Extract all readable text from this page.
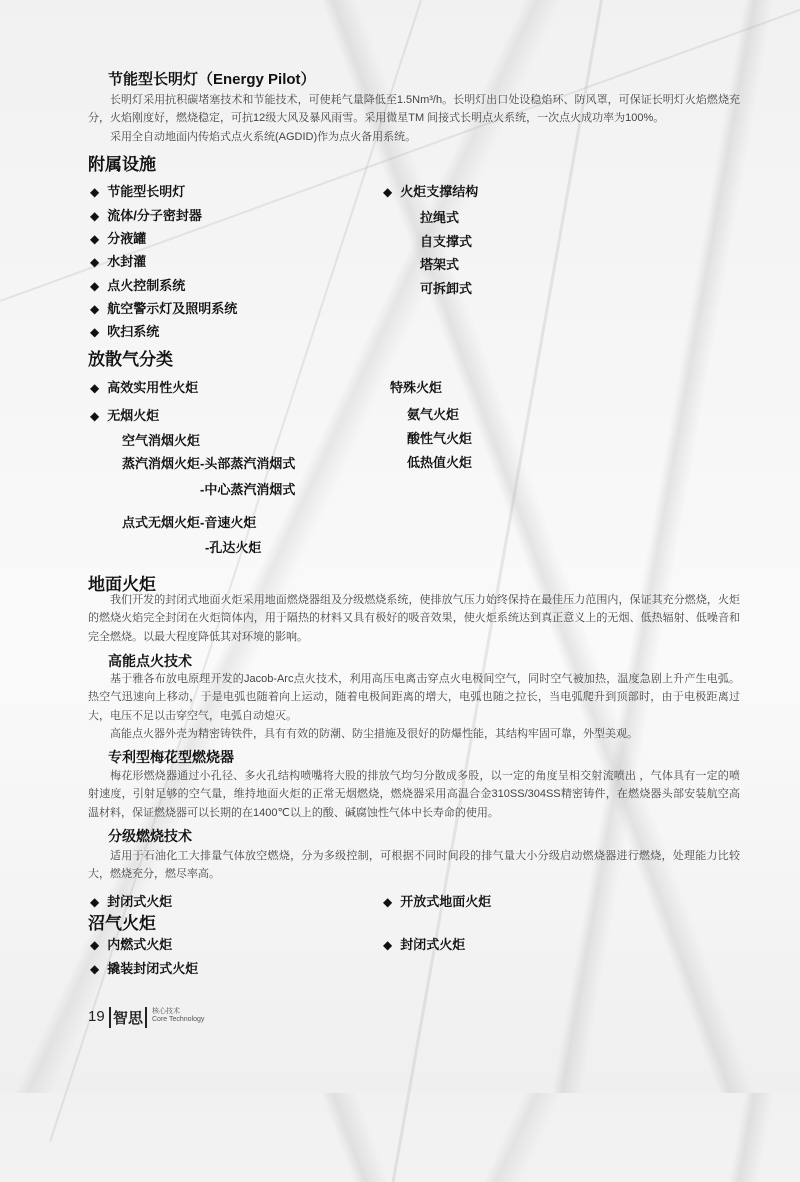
节能型长明灯（Energy Pilot）
长明灯采用抗积碳堵塞技术和节能技术，可使耗气量降低至1.5Nm³/h。长明灯出口处设稳焰环、防风罩，可保证长明灯火焰燃烧充分，火焰刚度好，燃烧稳定，可抗12级大风及暴风雨雪。采用微星TM 间接式长明点火系统，一次点火成功率为100%。
采用全自动地面内传焰式点火系统(AGDID)作为点火备用系统。
附属设施
◆ 节能型长明灯
◆ 流体/分子密封器
◆ 分液罐
◆ 水封灌
◆ 点火控制系统
◆ 航空警示灯及照明系统
◆ 吹扫系统
◆ 火炬支撑结构
拉绳式
自支撑式
塔架式
可拆卸式
放散气分类
◆ 高效实用性火炬
◆ 无烟火炬
空气消烟火炬
蒸汽消烟火炬-头部蒸汽消烟式
-中心蒸汽消烟式
点式无烟火炬-音速火炬
-孔达火炬
特殊火炬
氨气火炬
酸性气火炬
低热值火炬
地面火炬
我们开发的封闭式地面火炬采用地面燃烧器组及分级燃烧系统，使排放气压力始终保持在最佳压力范围内，保证其充分燃烧，火炬的燃烧火焰完全封闭在火炬筒体内，用于隔热的材料又具有极好的吸音效果，使火炬系统达到真正意义上的无烟、低热辐射、低噪音和完全燃烧。以最大程度降低其对环境的影响。
高能点火技术
基于雅各布放电原理开发的Jacob-Arc点火技术，利用高压电离击穿点火电极间空气，同时空气被加热，温度急剧上升产生电弧。热空气迅速向上移动，于是电弧也随着向上运动，随着电极间距离的增大，电弧也随之拉长，当电弧爬升到顶部时，由于电极距离过大，电压不足以击穿空气，电弧自动熄灭。
高能点火器外壳为精密铸铁件，具有有效的防潮、防尘措施及很好的防爆性能，其结构牢固可靠，外型美观。
专利型梅花型燃烧器
梅花形燃烧器通过小孔径、多火孔结构喷嘴将大股的排放气均匀分散成多股，以一定的角度呈相交射流喷出 ，气体具有一定的喷射速度，引射足够的空气量，维持地面火炬的正常无烟燃烧，燃烧器采用高温合金310SS/304SS精密铸件，在燃烧器头部安装航空高温材料，保证燃烧器可以长期的在1400℃以上的酸、碱腐蚀性气体中长寿命的使用。
分级燃烧技术
适用于石油化工大排量气体放空燃烧，分为多级控制，可根据不同时间段的排气量大小分级启动燃烧器进行燃烧，处理能力比较大，燃烧充分，燃尽率高。
◆ 封闭式火炬	◆ 开放式地面火炬
沼气火炬
◆ 内燃式火炬	◆ 封闭式火炬
◆ 撬装封闭式火炬
19 智思	核心技术
Core Technology
